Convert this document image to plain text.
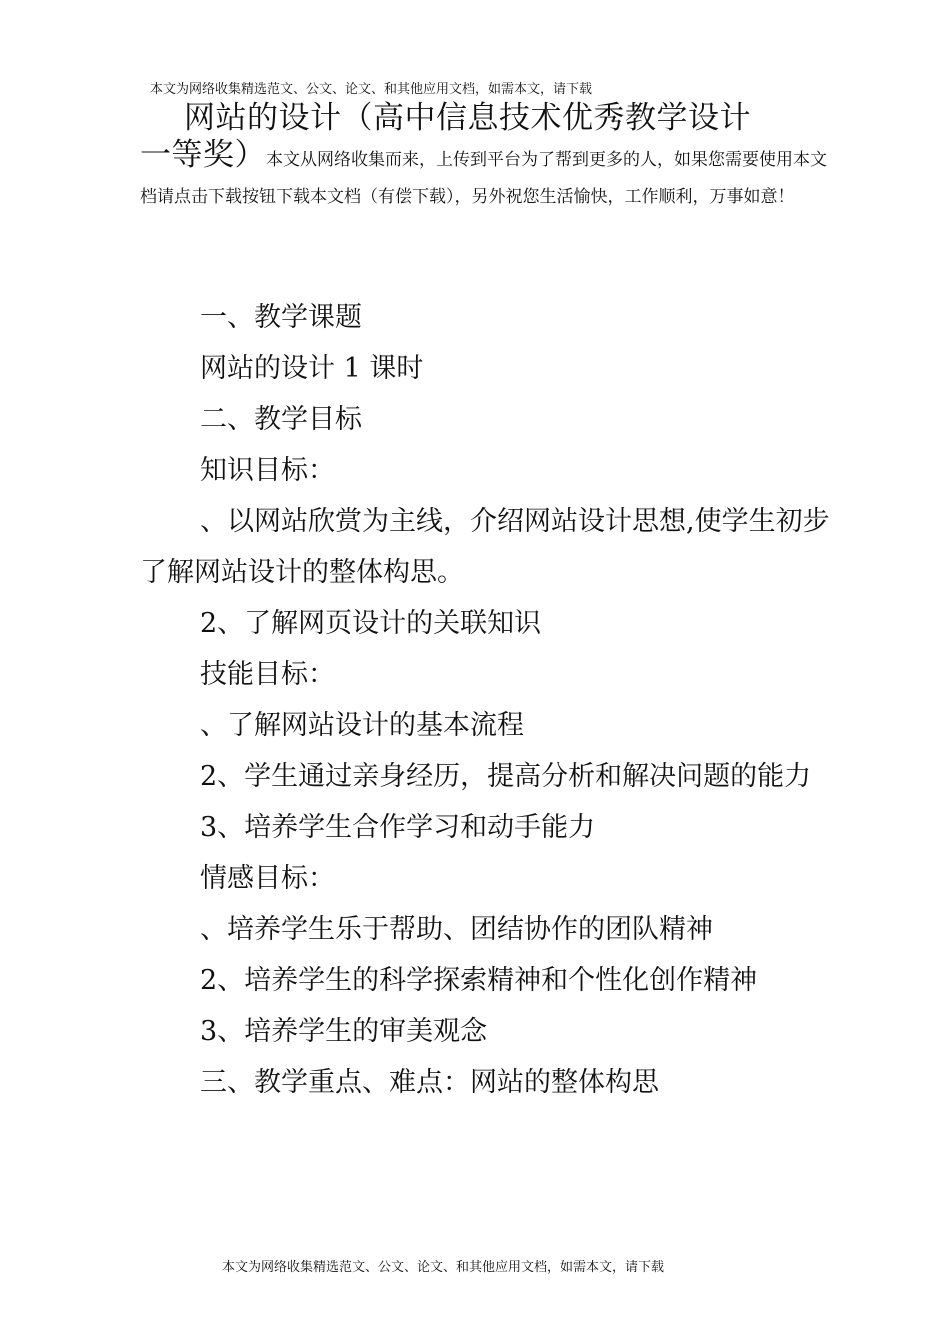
本文为网络收集精选范文、公文、论文、和其他应用文档，如需本文，请下载
网站的设计（高中信息技术优秀教学设计
一等奖）本文从网络收集而来，上传到平台为了帮到更多的人，如果您需要使用本文档请点击下载按钮下载本文档（有偿下载），另外祝您生活愉快，工作顺利，万事如意！
一、教学课题
网站的设计 1 课时
二、教学目标
知识目标：
、以网站欣赏为主线，介绍网站设计思想,使学生初步了解网站设计的整体构思。
2、了解网页设计的关联知识
技能目标：
、了解网站设计的基本流程
2、学生通过亲身经历，提高分析和解决问题的能力
3、培养学生合作学习和动手能力
情感目标：
、培养学生乐于帮助、团结协作的团队精神
2、培养学生的科学探索精神和个性化创作精神
3、培养学生的审美观念
三、教学重点、难点：网站的整体构思
本文为网络收集精选范文、公文、论文、和其他应用文档，如需本文，请下载
